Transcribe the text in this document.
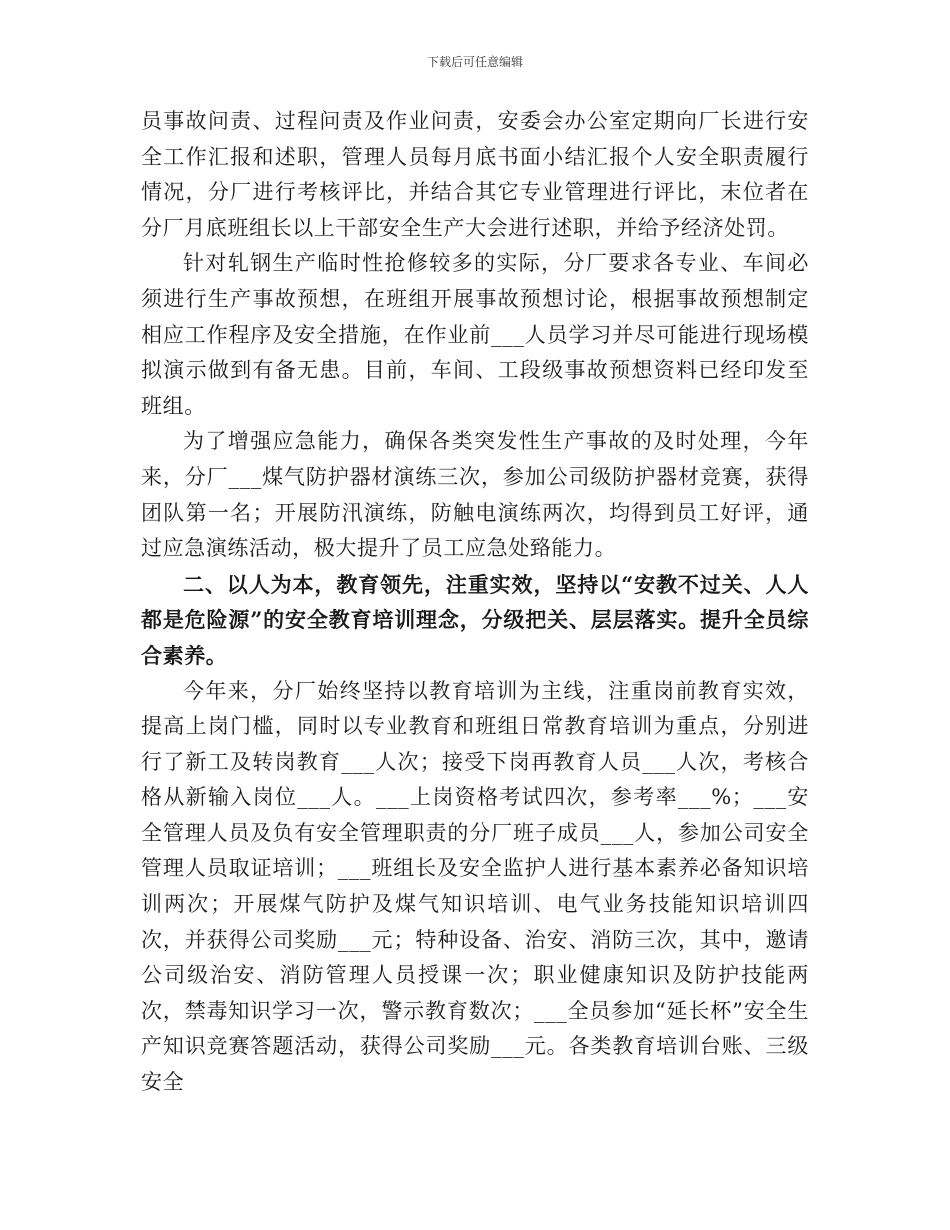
下载后可任意编辑

员事故问责、过程问责及作业问责，安委会办公室定期向厂长进行安全工作汇报和述职，管理人员每月底书面小结汇报个人安全职责履行情况，分厂进行考核评比，并结合其它专业管理进行评比，末位者在分厂月底班组长以上干部安全生产大会进行述职，并给予经济处罚。

针对轧钢生产临时性抢修较多的实际，分厂要求各专业、车间必须进行生产事故预想，在班组开展事故预想讨论，根据事故预想制定相应工作程序及安全措施，在作业前___人员学习并尽可能进行现场模拟演示做到有备无患。目前，车间、工段级事故预想资料已经印发至班组。

为了增强应急能力，确保各类突发性生产事故的及时处理，今年来，分厂___煤气防护器材演练三次，参加公司级防护器材竞赛，获得团队第一名；开展防汛演练，防触电演练两次，均得到员工好评，通过应急演练活动，极大提升了员工应急处臵能力。

二、以人为本，教育领先，注重实效，坚持以“安教不过关、人人都是危险源”的安全教育培训理念，分级把关、层层落实。提升全员综合素养。

今年来，分厂始终坚持以教育培训为主线，注重岗前教育实效，提高上岗门槛，同时以专业教育和班组日常教育培训为重点，分别进行了新工及转岗教育___人次；接受下岗再教育人员___人次，考核合格从新输入岗位___人。___上岗资格考试四次，参考率___%；___安全管理人员及负有安全管理职责的分厂班子成员___人，参加公司安全管理人员取证培训；___班组长及安全监护人进行基本素养必备知识培训两次；开展煤气防护及煤气知识培训、电气业务技能知识培训四次，并获得公司奖励___元；特种设备、治安、消防三次，其中，邀请公司级治安、消防管理人员授课一次；职业健康知识及防护技能两次，禁毒知识学习一次，警示教育数次；___全员参加“延长杯”安全生产知识竞赛答题活动，获得公司奖励___元。各类教育培训台账、三级安全
